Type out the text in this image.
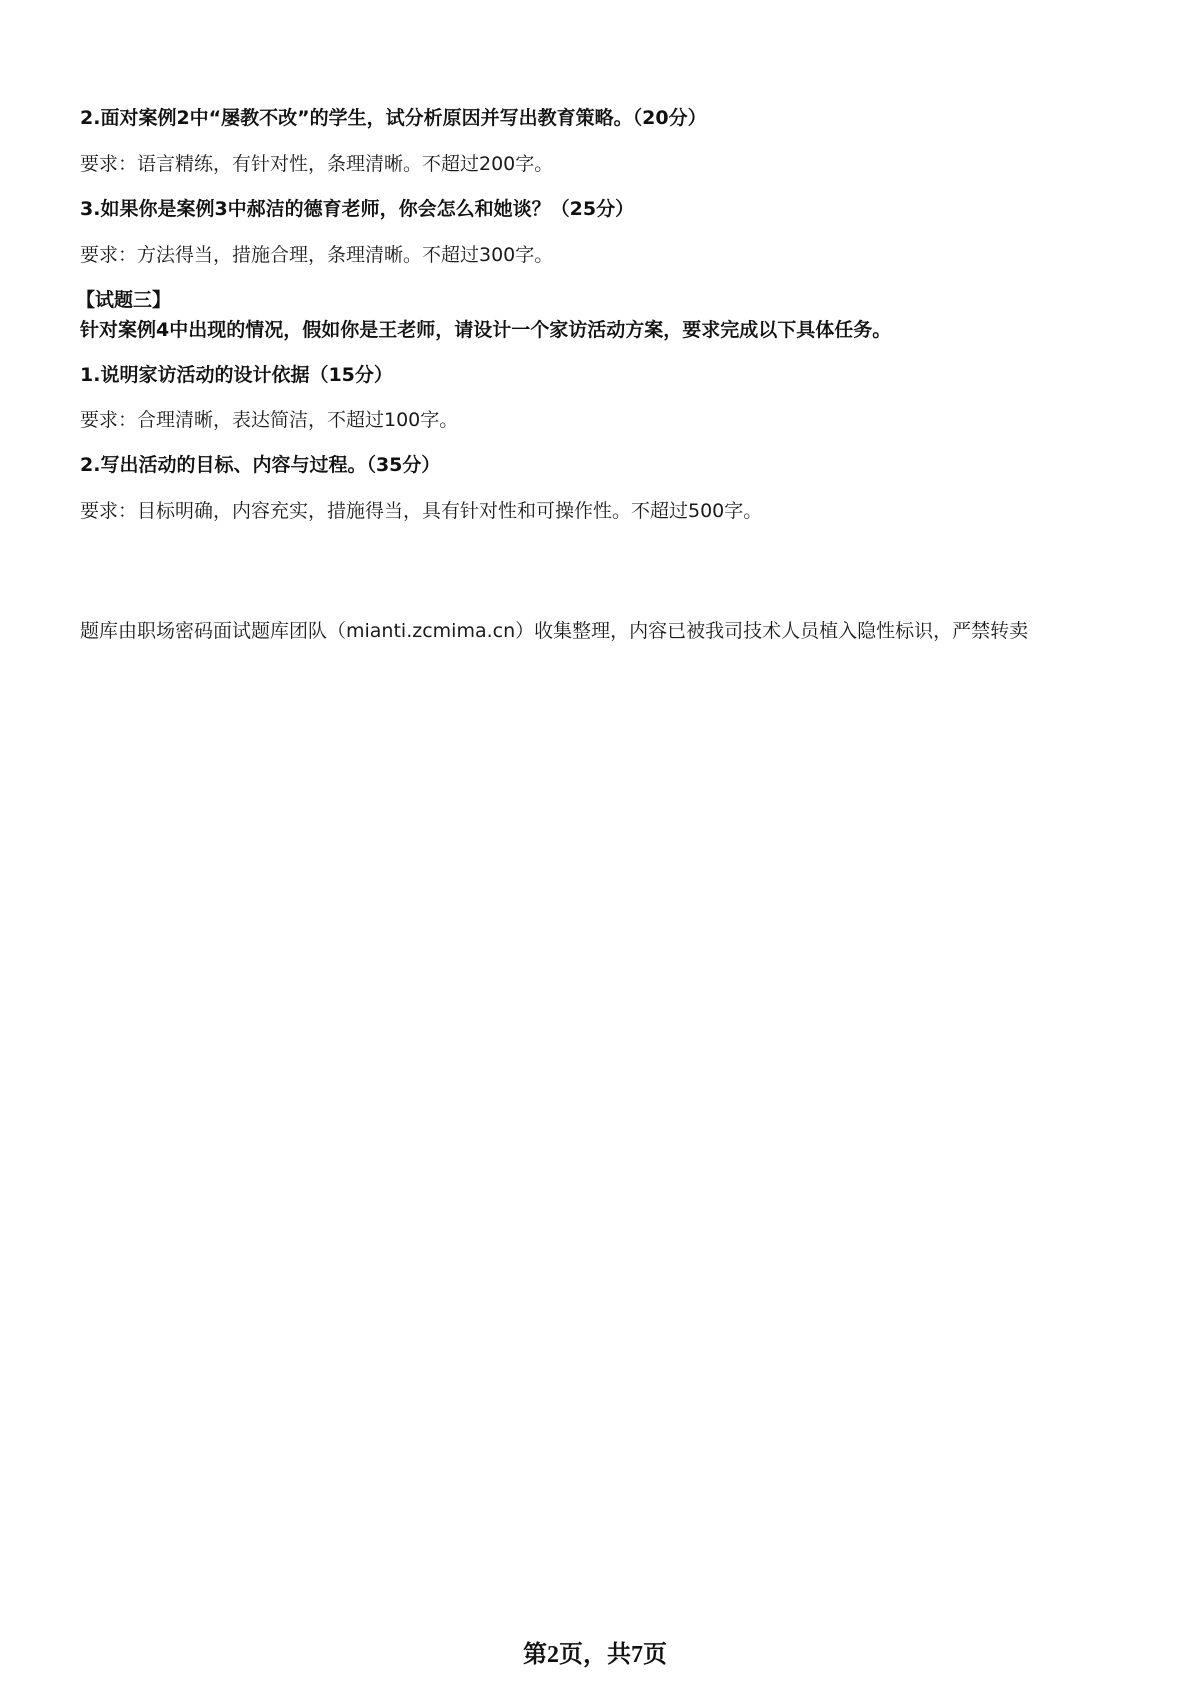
2.面对案例2中“屡教不改”的学生，试分析原因并写出教育策略。（20分）
要求：语言精练，有针对性，条理清晰。不超过200字。
3.如果你是案例3中郝洁的德育老师，你会怎么和她谈？（25分）
要求：方法得当，措施合理，条理清晰。不超过300字。
【试题三】
针对案例4中出现的情况，假如你是王老师，请设计一个家访活动方案，要求完成以下具体任务。
1.说明家访活动的设计依据（15分）
要求：合理清晰，表达简洁，不超过100字。
2.写出活动的目标、内容与过程。（35分）
要求：目标明确，内容充实，措施得当，具有针对性和可操作性。不超过500字。
题库由职场密码面试题库团队（mianti.zcmima.cn）收集整理，内容已被我司技术人员植入隐性标识，严禁转卖
第2页，共7页
